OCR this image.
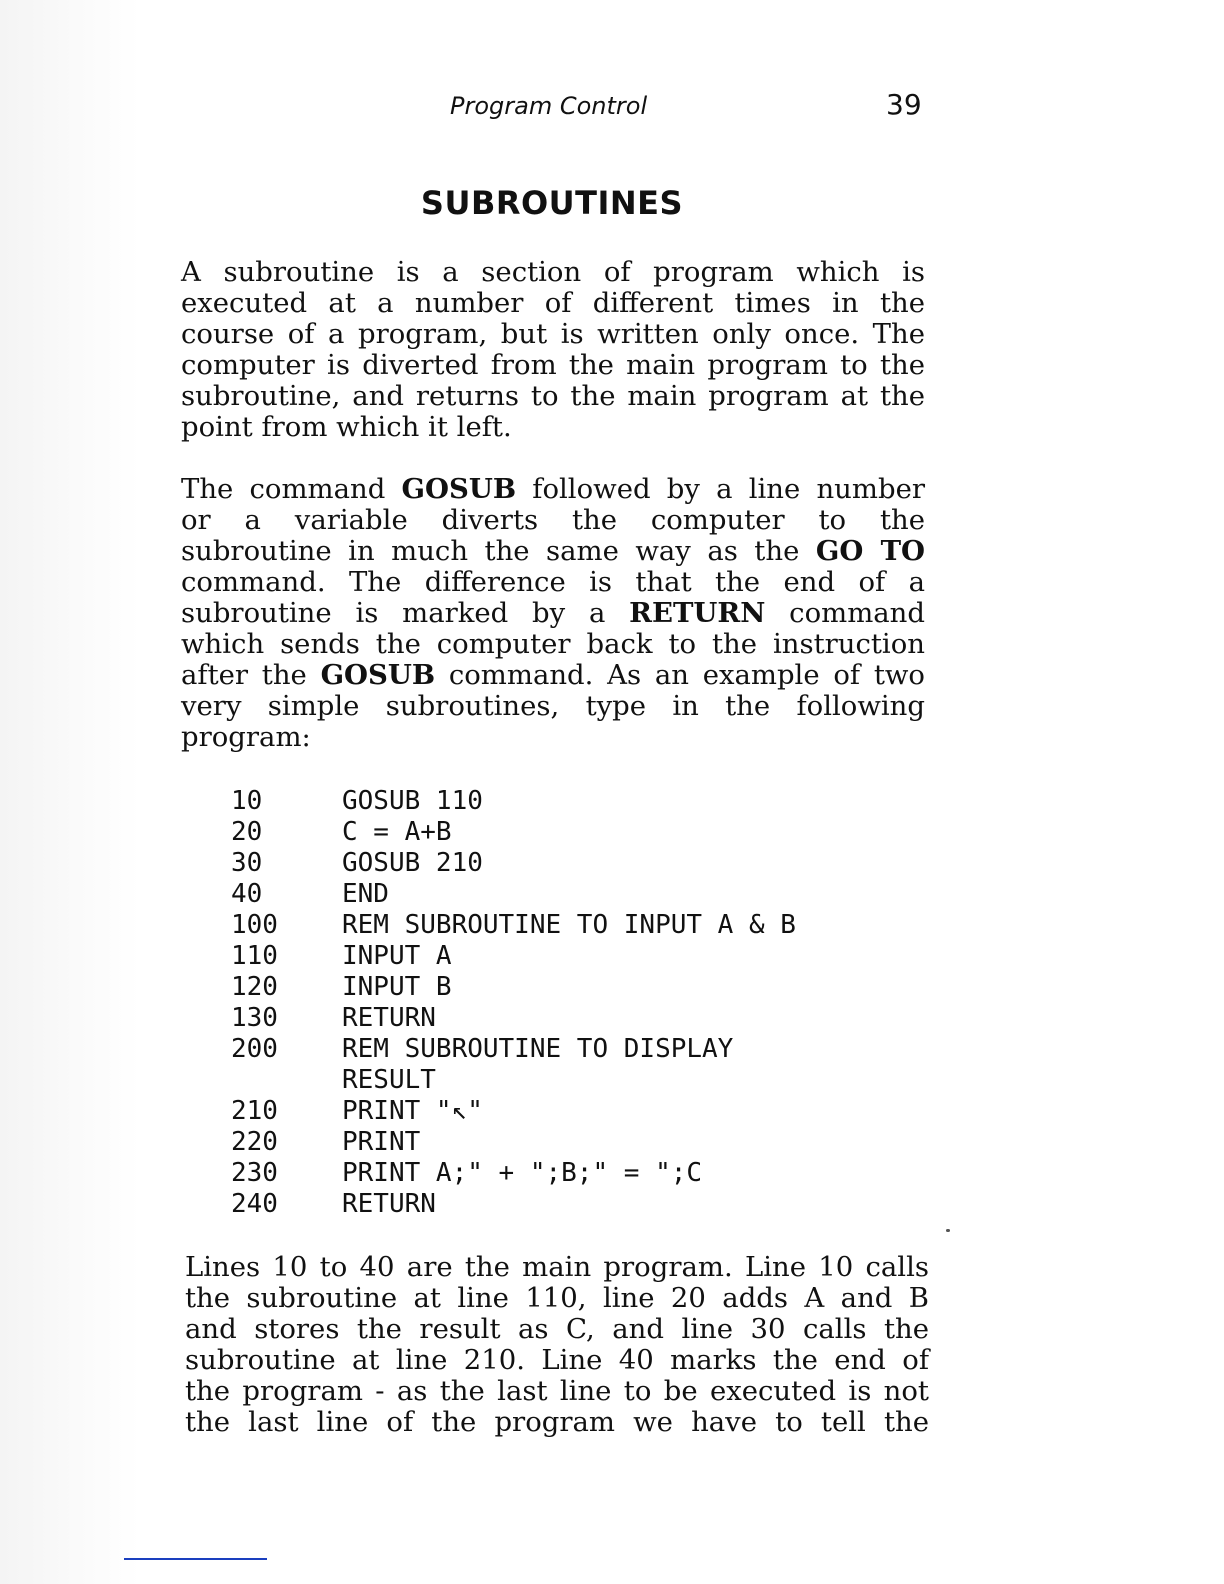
Program Control	39
SUBROUTINES
A subroutine is a section of program which is
executed at a number of different times in the
course of a program, but is written only once. The
computer is diverted from the main program to the
subroutine, and returns to the main program at the
point from which it left.
The command GOSUB followed by a line number
or a variable diverts the computer to the
subroutine in much the same way as the GO TO
command. The difference is that the end of a
subroutine is marked by a RETURN command
which sends the computer back to the instruction
after the GOSUB command. As an example of two
very simple subroutines, type in the following
program:
10	GOSUB 110
20	C = A+B
30	GOSUB 210
40	END
100	REM SUBROUTINE TO INPUT A & B
110	INPUT A
120	INPUT B
130	RETURN
200	REM SUBROUTINE TO DISPLAY
RESULT
210	PRINT "↖"
220	PRINT
230	PRINT A;" + ";B;" = ";C
240	RETURN
Lines 10 to 40 are the main program. Line 10 calls
the subroutine at line 110, line 20 adds A and B
and stores the result as C, and line 30 calls the
subroutine at line 210. Line 40 marks the end of
the program - as the last line to be executed is not
the last line of the program we have to tell the
